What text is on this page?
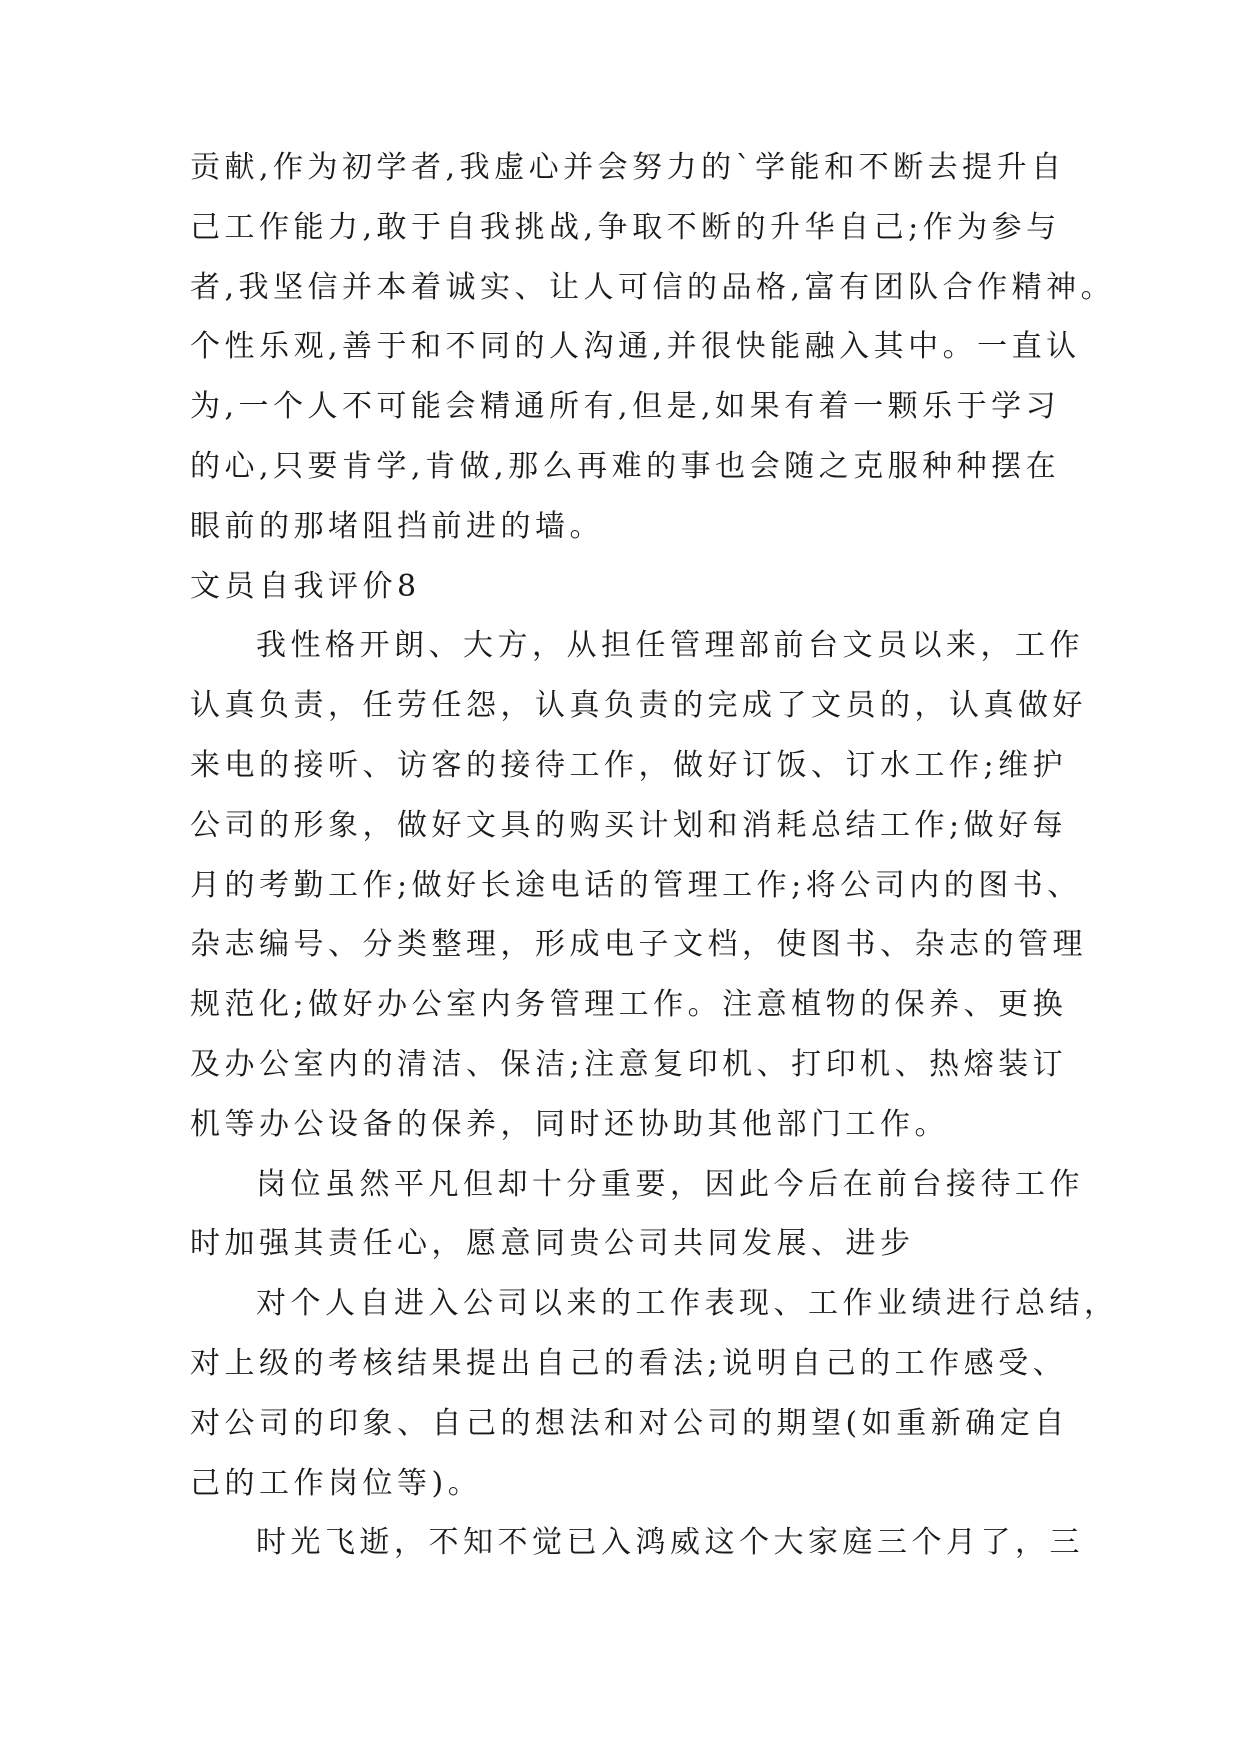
贡献,作为初学者,我虚心并会努力的`学能和不断去提升自
己工作能力,敢于自我挑战,争取不断的升华自己;作为参与
者,我坚信并本着诚实、让人可信的品格,富有团队合作精神。
个性乐观,善于和不同的人沟通,并很快能融入其中。一直认
为,一个人不可能会精通所有,但是,如果有着一颗乐于学习
的心,只要肯学,肯做,那么再难的事也会随之克服种种摆在
眼前的那堵阻挡前进的墙。
文员自我评价8
我性格开朗、大方，从担任管理部前台文员以来，工作
认真负责，任劳任怨，认真负责的完成了文员的，认真做好
来电的接听、访客的接待工作，做好订饭、订水工作;维护
公司的形象，做好文具的购买计划和消耗总结工作;做好每
月的考勤工作;做好长途电话的管理工作;将公司内的图书、
杂志编号、分类整理，形成电子文档，使图书、杂志的管理
规范化;做好办公室内务管理工作。注意植物的保养、更换
及办公室内的清洁、保洁;注意复印机、打印机、热熔装订
机等办公设备的保养，同时还协助其他部门工作。
岗位虽然平凡但却十分重要，因此今后在前台接待工作
时加强其责任心，愿意同贵公司共同发展、进步
对个人自进入公司以来的工作表现、工作业绩进行总结，
对上级的考核结果提出自己的看法;说明自己的工作感受、
对公司的印象、自己的想法和对公司的期望(如重新确定自
己的工作岗位等)。
时光飞逝，不知不觉已入鸿威这个大家庭三个月了，三
